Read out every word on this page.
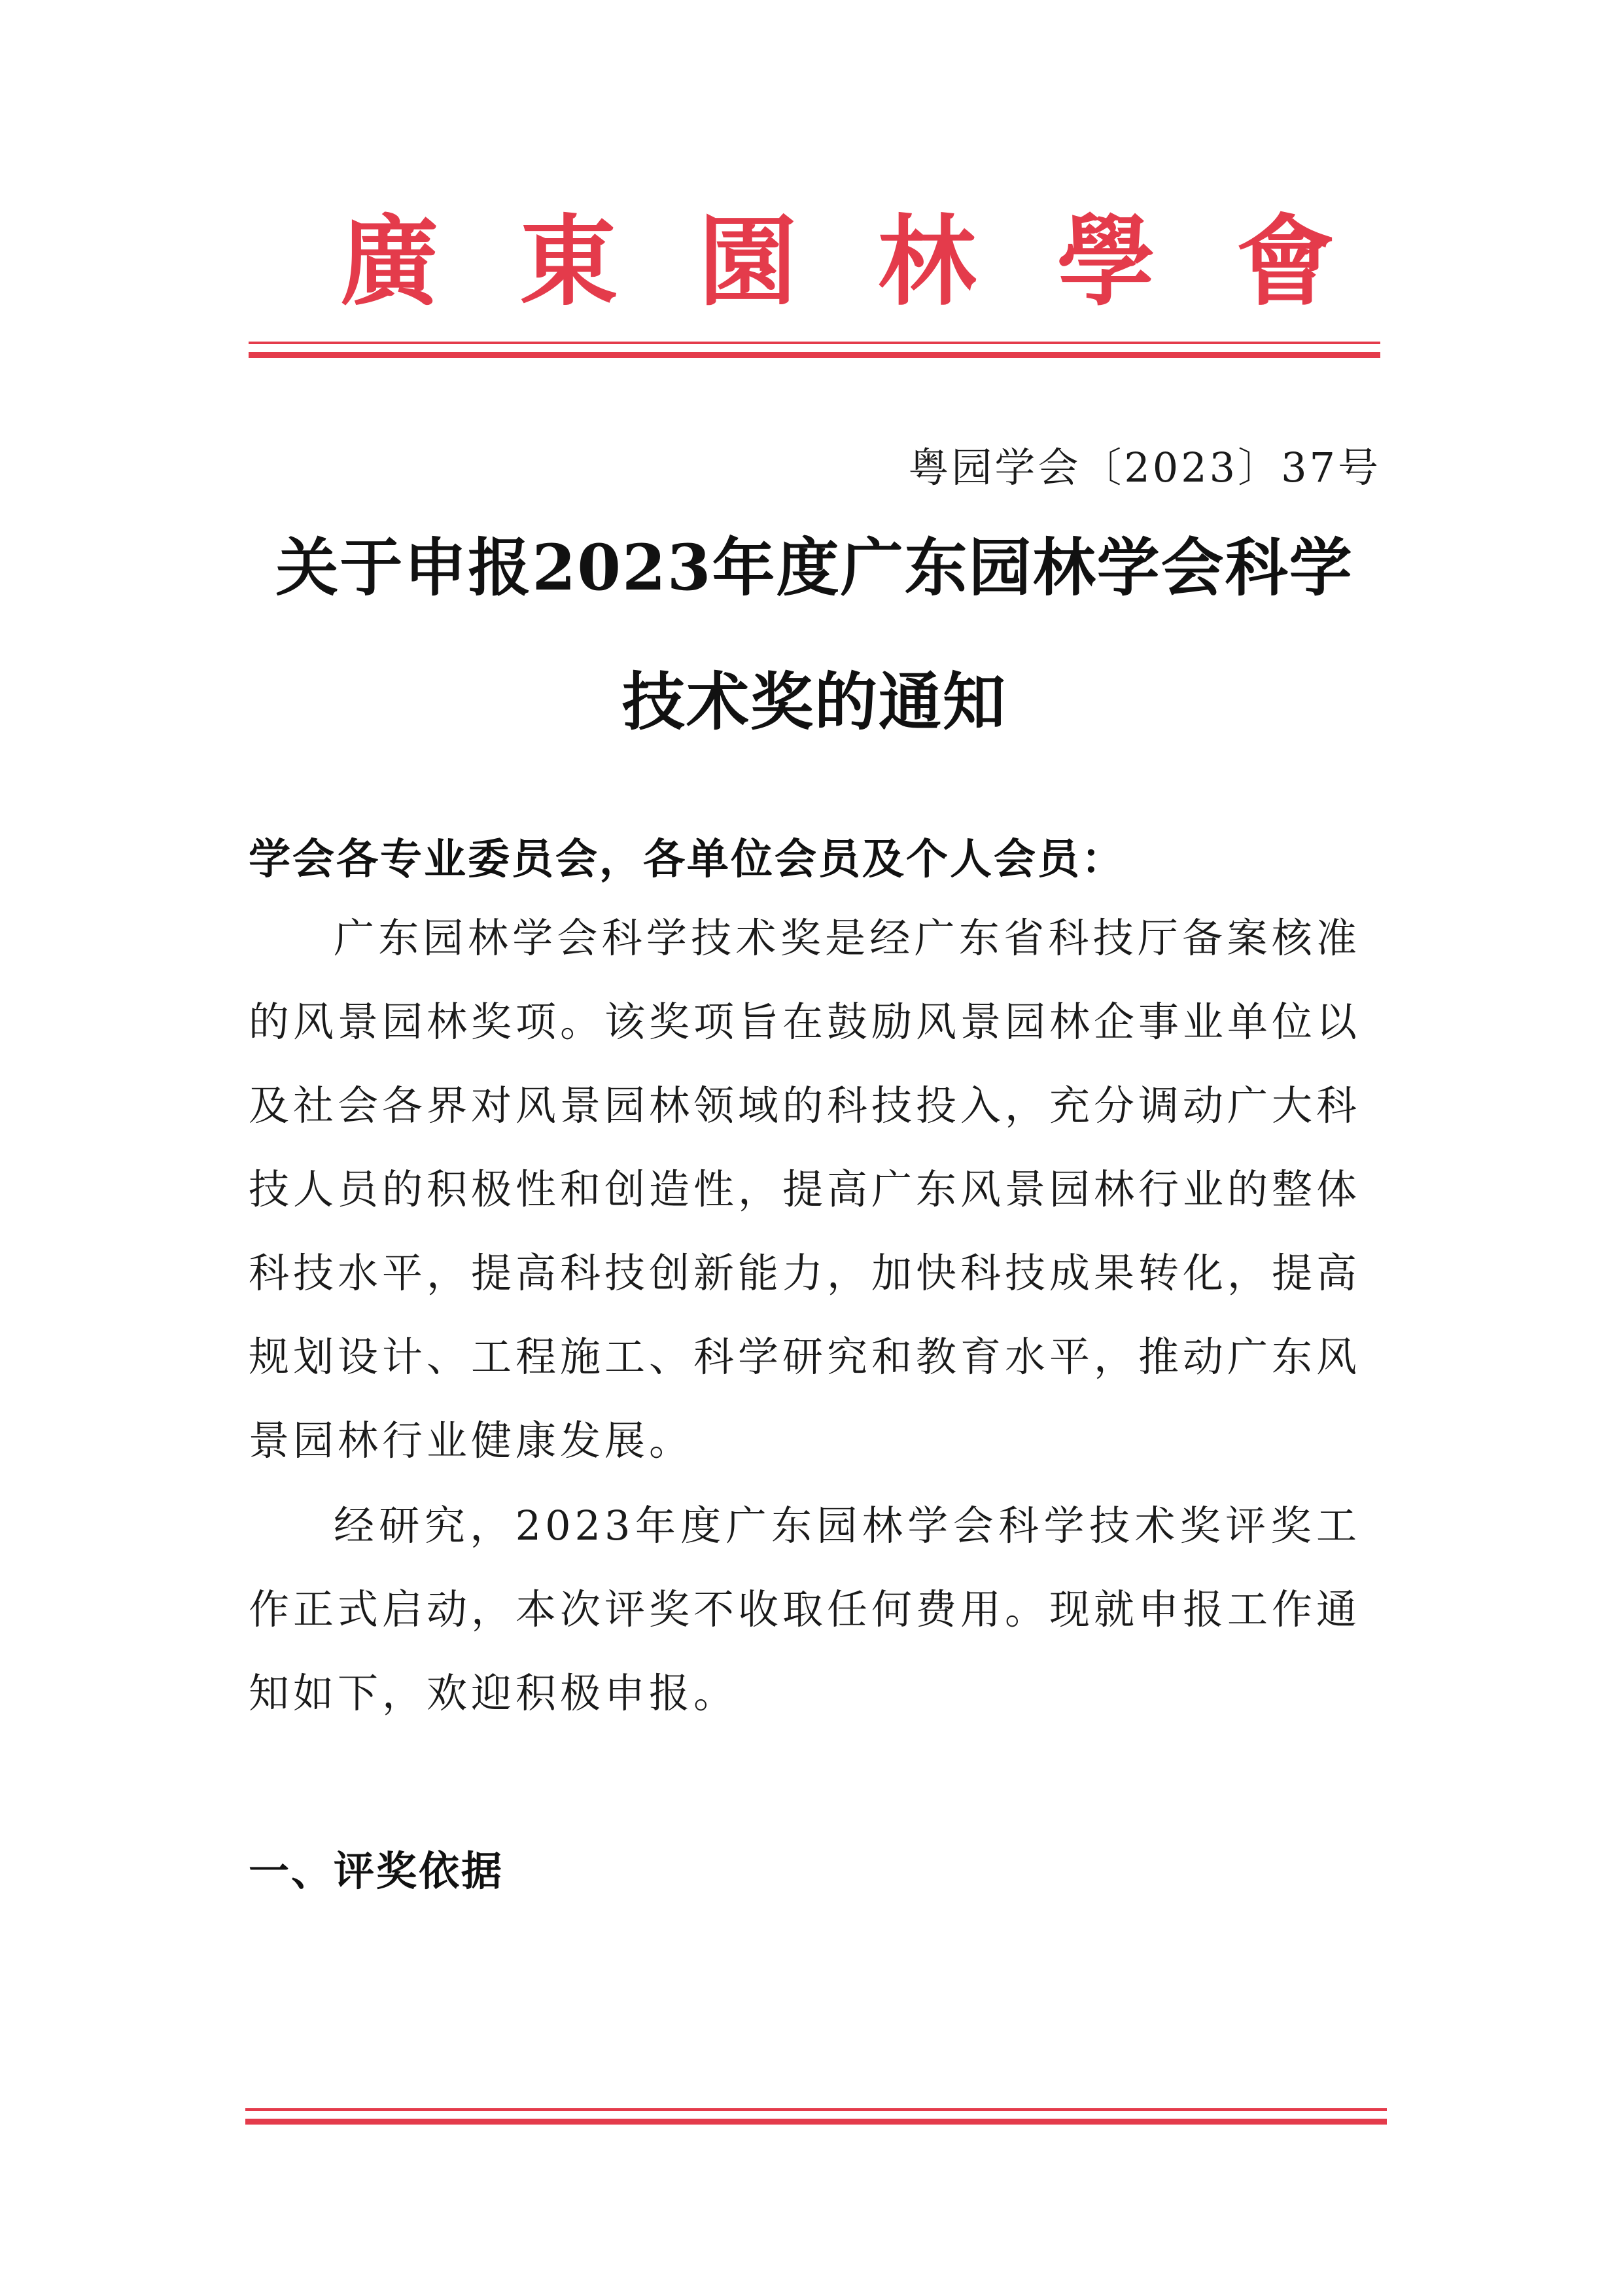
廣 東 園 林 學 會
粤园学会〔2023〕37号
关于申报2023年度广东园林学会科学
技术奖的通知
学会各专业委员会，各单位会员及个人会员：
广东园林学会科学技术奖是经广东省科技厅备案核准的风景园林奖项。该奖项旨在鼓励风景园林企事业单位以及社会各界对风景园林领域的科技投入，充分调动广大科技人员的积极性和创造性，提高广东风景园林行业的整体科技水平，提高科技创新能力，加快科技成果转化，提高规划设计、工程施工、科学研究和教育水平，推动广东风景园林行业健康发展。
经研究，2023年度广东园林学会科学技术奖评奖工作正式启动，本次评奖不收取任何费用。现就申报工作通知如下，欢迎积极申报。
一、评奖依据
